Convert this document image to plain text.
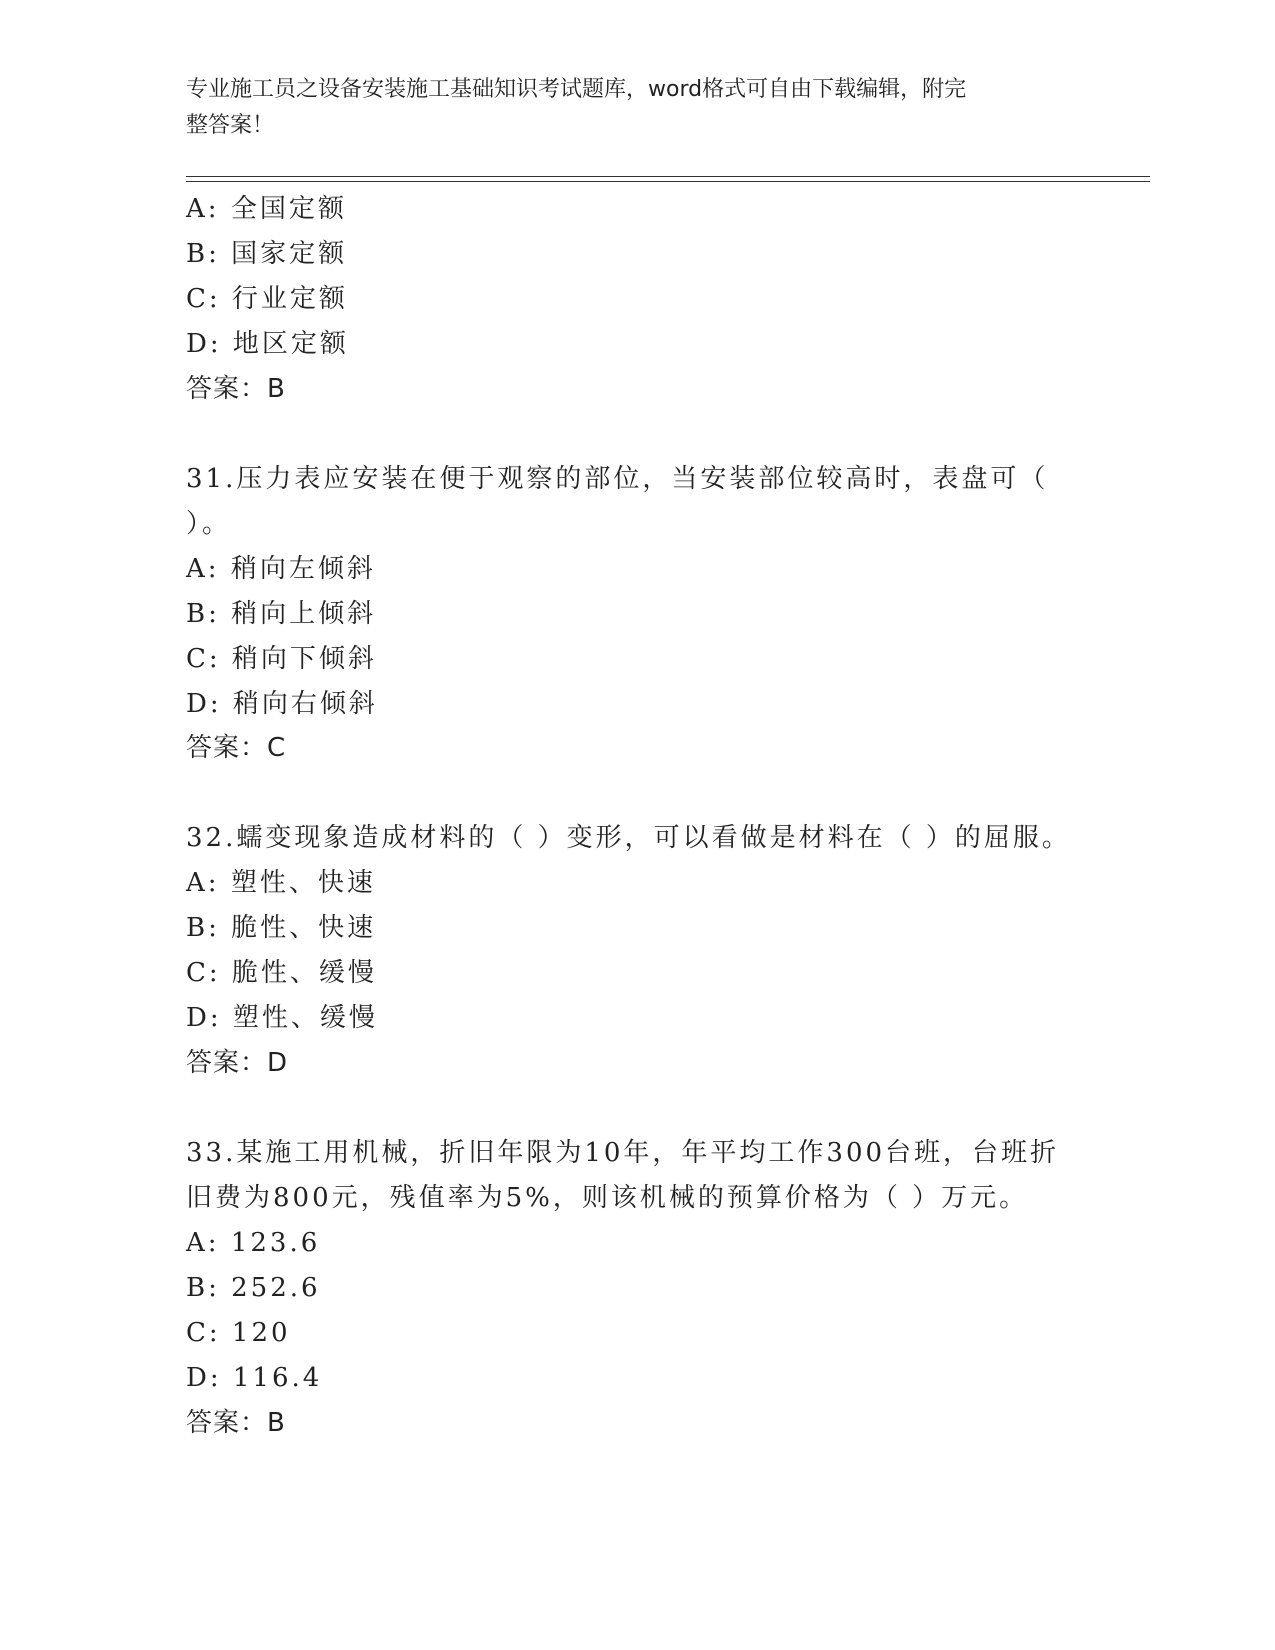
专业施工员之设备安装施工基础知识考试题库，word格式可自由下载编辑，附完
整答案！
A: 全国定额
B: 国家定额
C: 行业定额
D: 地区定额
答案：B
31.压力表应安装在便于观察的部位，当安装部位较高时，表盘可（
）。
A: 稍向左倾斜
B: 稍向上倾斜
C: 稍向下倾斜
D: 稍向右倾斜
答案：C
32.蠕变现象造成材料的（ ）变形，可以看做是材料在（ ）的屈服。
A: 塑性、快速
B: 脆性、快速
C: 脆性、缓慢
D: 塑性、缓慢
答案：D
33.某施工用机械，折旧年限为10年，年平均工作300台班，台班折
旧费为800元，残值率为5%，则该机械的预算价格为（ ）万元。
A: 123.6
B: 252.6
C: 120
D: 116.4
答案：B
